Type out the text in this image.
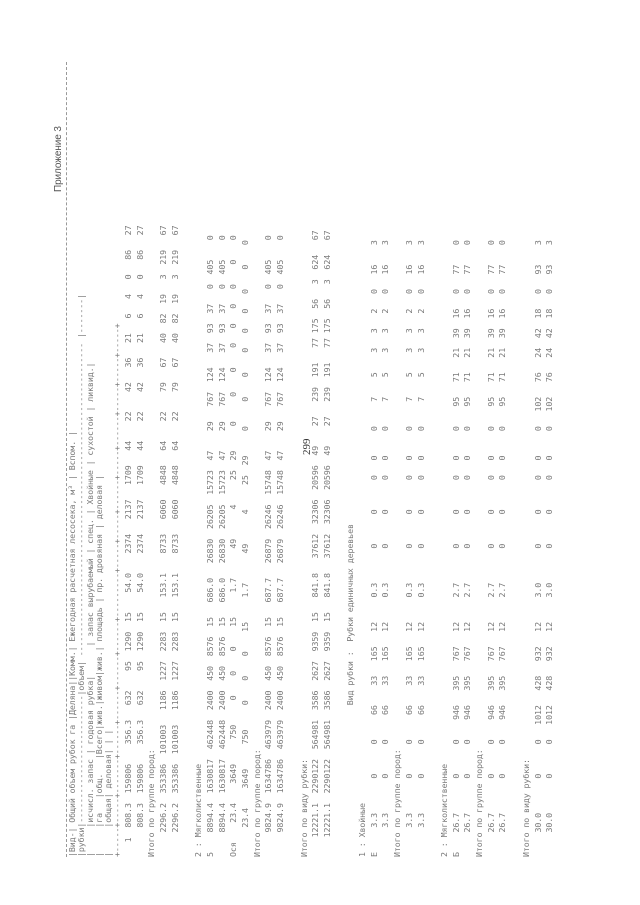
Приложение 3
|Вид-| Общий объем рубок га |Деляна||Комм.| Ежегодная расчетная лесосека, м³ | Вспом. | |рубки|--------------------------|объем| ---------------------------------------------------------------- |-------| |     |исчисл. запас | годовая рубка|      | запас вырубаемый | спец. | Хвойные | сухостой | ликвид.| |     |га   |общ.   |Всего|жив.|живом|жив.| площадь | пр. дровяная | деловая | |     |общая| деловая| | | +-----+-----+-------+------+------+------+------+---------+-----+-----+------+-----+------+-----+-----+-----+ 1  808.3  159806    356.3   632    95  1290  15    54.0    2374   2137   1709   44    22    42   36   21   6   4   0   86   27 808.3  159806    356.3   632    95  1290  15    54.0    2374   2137   1709   44    22    42   36   21   6   4   0   86   27 Итого по группе пород: 2296.2  353386  101003   1186  1227  2283  15   153.1    8733   6060   4848   64    22    79   67   40  82  19   3  219   67 2296.2  353386  101003   1186  1227  2283  15   153.1    8733   6060   4848   64    22    79   67   40  82  19   3  219   67 2 : Мягколиственные 5    8894.4  1630817  462448  2400  450  8576  15   686.0   26830  26205  15723  47    29   767  124   37  93  37   0  405    0 8894.4  1630817  462448  2400  450  8576  15   686.0   26830  26205  15723  47    29   767  124   37  93  37   0  405    0 Ося    23.4    3649     750     0    0    0    15     1.7      49      4     25  29     0     0    0    0   0   0   0    0    0 23.4    3649     750     0    0    0    15     1.7      49      4     25  29     0     0    0    0   0   0   0    0    0 Итого по группе пород: 9824.9  1634786  463979  2400  450  8576  15   687.7   26879  26246  15748  47    29   767  124   37  93  37   0  405    0 9824.9  1634786  463979  2400  450  8576  15   687.7   26879  26246  15748  47    29   767  124   37  93  37   0  405    0 Итого по виду рубки: 12221.1  2290122  564981  3586  2627  9359  15   841.8   37612  32306  20596  49    27   239  191   77 175  56   3  624   67 12221.1  2290122  564981  3586  2627  9359  15   841.8   37612  32306  20596  49    27   239  191   77 175  56   3  624   67 Вид рубки :  Рубки единичных деревьев 1 : Хвойные Е     3.3       0      0     66    33   165   12     0.3       0      0      0   0     0     7    5    3   3   2   0   16    3 3.3       0      0     66    33   165   12     0.3       0      0      0   0     0     7    5    3   3   2   0   16    3 Итого по группе пород: 3.3       0      0     66    33   165   12     0.3       0      0      0   0     0     7    5    3   3   2   0   16    3 3.3       0      0     66    33   165   12     0.3       0      0      0   0     0     7    5    3   3   2   0   16    3 2 : Мягколиственные Б    26.7       0      0    946   395   767   12     2.7       0      0      0   0     0    95   71   21  39  16   0   77    0 26.7       0      0    946   395   767   12     2.7       0      0      0   0     0    95   71   21  39  16   0   77    0 Итого по группе пород: 26.7       0      0    946   395   767   12     2.7       0      0      0   0     0    95   71   21  39  16   0   77    0 26.7       0      0    946   395   767   12     2.7       0      0      0   0     0    95   71   21  39  16   0   77    0 Итого по виду рубки: 30.0       0      0   1012   428   932   12     3.0       0      0      0   0     0   102   76   24  42  18   0   93    3 30.0       0      0   1012   428   932   12     3.0       0      0      0   0     0   102   76   24  42  18   0   93    3
299
